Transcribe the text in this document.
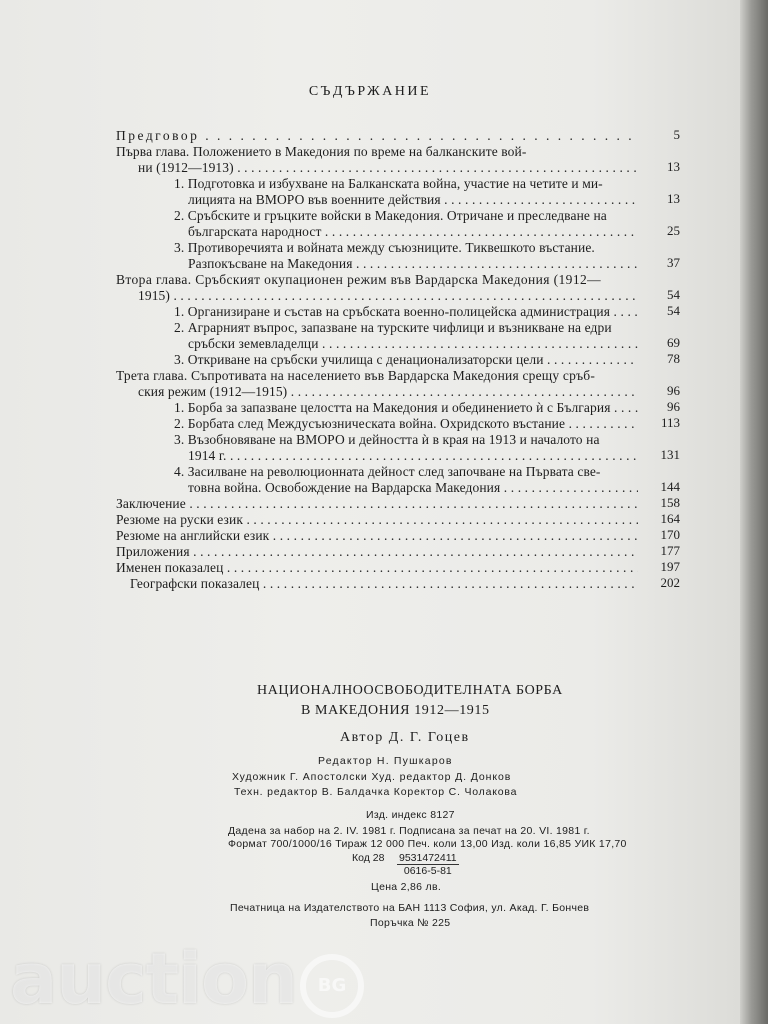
СЪДЪРЖАНИЕ
Предговор . . .	5
Първа глава. Положението в Македония по време на балканските вой-
ни (1912—1913) . . .	13
1. Подготовка и избухване на Балканската война, участие на четите и ми-
лицията на ВМОРО във военните действия . . .	13
2. Сръбските и гръцките войски в Македония. Отричане и преследване на
българската народност . . .	25
3. Противоречията и войната между съюзниците. Тиквешкото въстание.
Разпокъсване на Македония . . .	37
Втора глава. Сръбският окупационен режим във Вардарска Македония (1912—
1915) . . .	54
1. Организиране и състав на сръбската военно-полицейска администрация . . .	54
2. Аграрният въпрос, запазване на турските чифлици и възникване на едри
сръбски земевладелци . . .	69
3. Откриване на сръбски училища с денационализаторски цели . . .	78
Трета глава. Съпротивата на населението във Вардарска Македония срещу сръб-
ския режим (1912—1915) . . .	96
1. Борба за запазване целостта на Македония и обединението ѝ с България . . .	96
2. Борбата след Междусъюзническата война. Охридското въстание . . .	113
3. Възобновяване на ВМОРО и дейността ѝ в края на 1913 и началото на
1914 г. . . .	131
4. Засилване на революционната дейност след започване на Първата све-
товна война. Освобождение на Вардарска Македония . . .	144
Заключение . . .	158
Резюме на руски език . . .	164
Резюме на английски език . . .	170
Приложения . . .	177
Именен показалец . . .	197
Географски показалец . . .	202
НАЦИОНАЛНООСВОБОДИТЕЛНАТА БОРБА
В МАКЕДОНИЯ 1912—1915
Автор Д. Г. Гоцев
Редактор Н. Пушкаров
Художник Г. Апостолски Худ. редактор Д. Донков
Техн. редактор В. Балдачка Коректор С. Чолакова
Изд. индекс 8127
Дадена за набор на 2. IV. 1981 г. Подписана за печат на 20. VI. 1981 г.
Формат 700/1000/16 Тираж 12 000 Печ. коли 13,00 Изд. коли 16,85 УИК 17,70
Код $28 \frac{9531472411}{0616-5-81}$
Цена 2,86 лв.
Печатница на Издателството на БАН 1113 София, ул. Акад. Г. Бончев
Поръчка № 225
auction	BG
